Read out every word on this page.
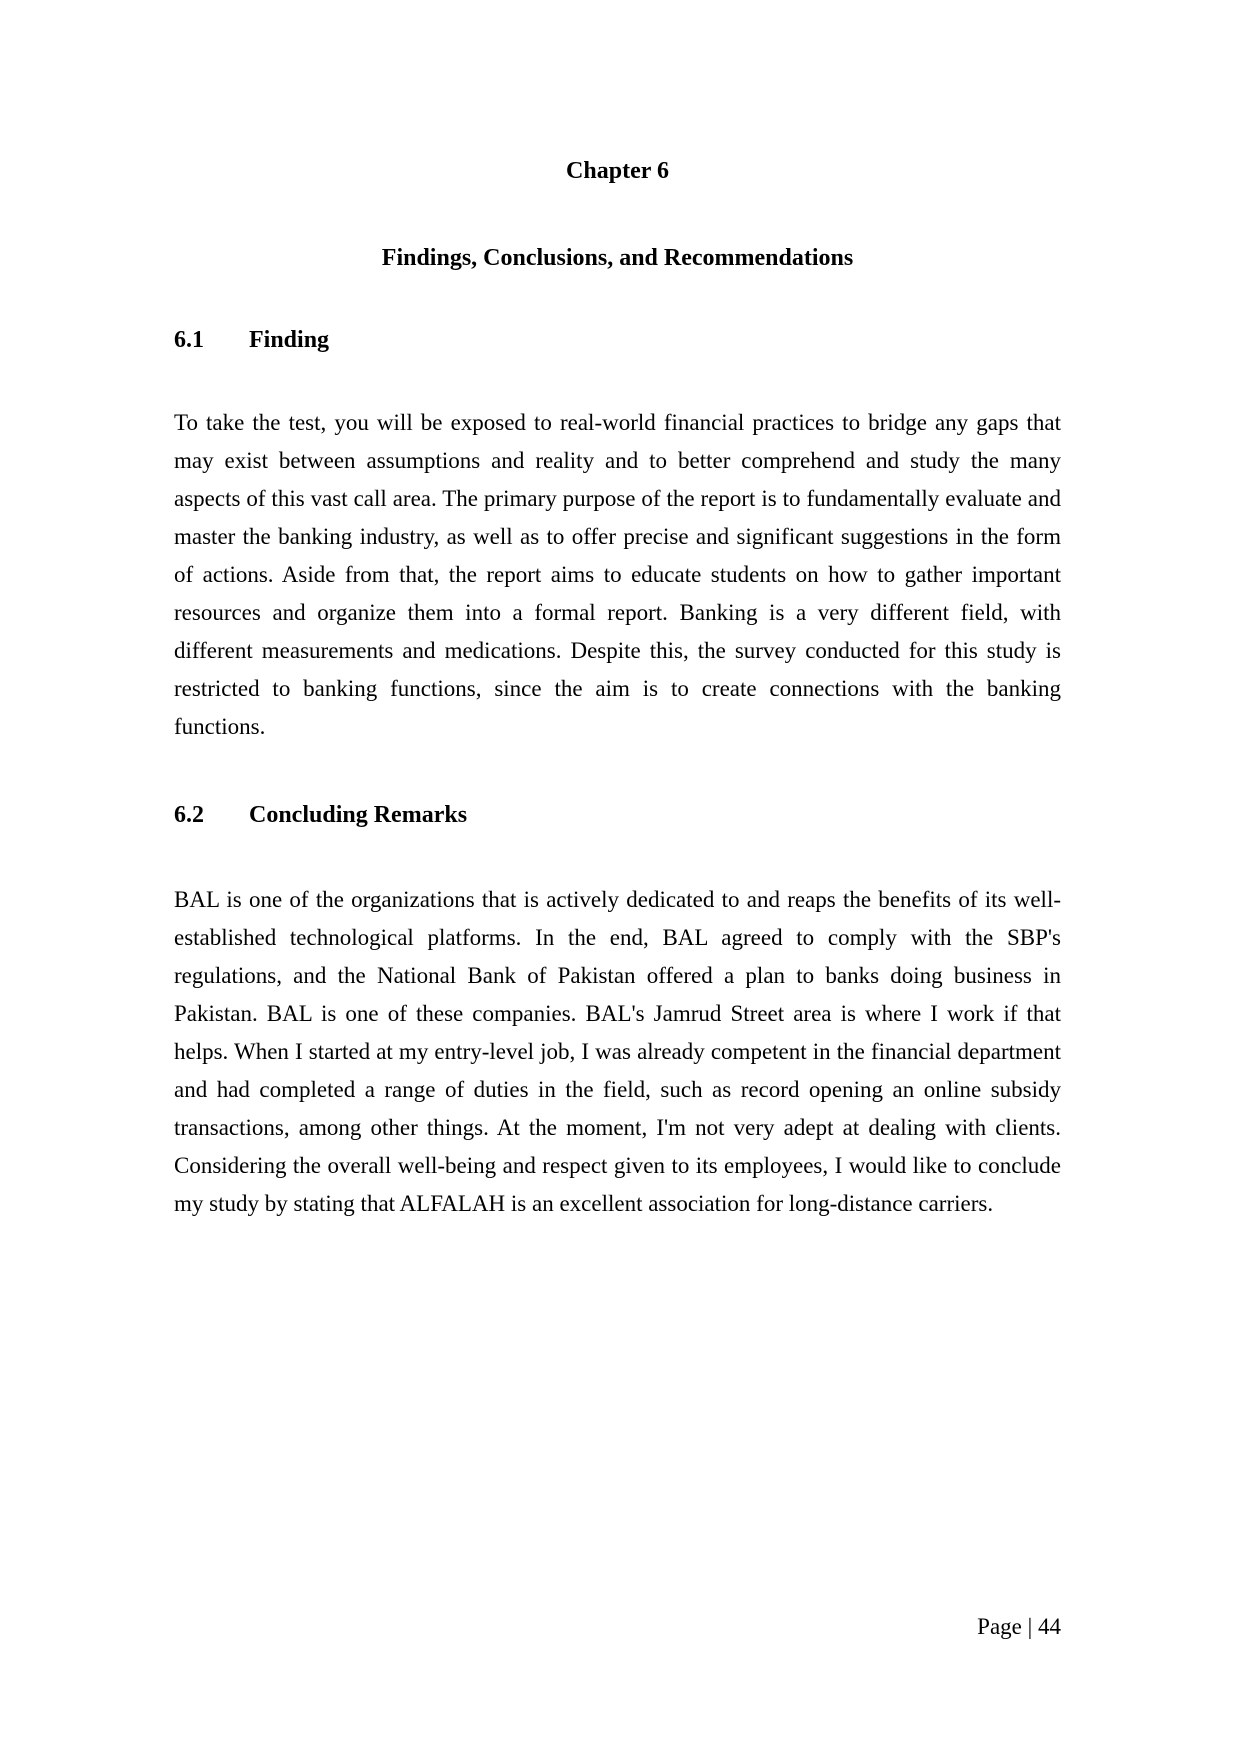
Chapter 6
Findings, Conclusions, and Recommendations
6.1 Finding

To take the test, you will be exposed to real-world financial practices to bridge any gaps that may exist between assumptions and reality and to better comprehend and study the many aspects of this vast call area. The primary purpose of the report is to fundamentally evaluate and master the banking industry, as well as to offer precise and significant suggestions in the form of actions. Aside from that, the report aims to educate students on how to gather important resources and organize them into a formal report. Banking is a very different field, with different measurements and medications. Despite this, the survey conducted for this study is restricted to banking functions, since the aim is to create connections with the banking functions.

6.2 Concluding Remarks

BAL is one of the organizations that is actively dedicated to and reaps the benefits of its well-established technological platforms. In the end, BAL agreed to comply with the SBP's regulations, and the National Bank of Pakistan offered a plan to banks doing business in Pakistan. BAL is one of these companies. BAL's Jamrud Street area is where I work if that helps. When I started at my entry-level job, I was already competent in the financial department and had completed a range of duties in the field, such as record opening an online subsidy transactions, among other things. At the moment, I'm not very adept at dealing with clients. Considering the overall well-being and respect given to its employees, I would like to conclude my study by stating that ALFALAH is an excellent association for long-distance carriers.

Page | 44
